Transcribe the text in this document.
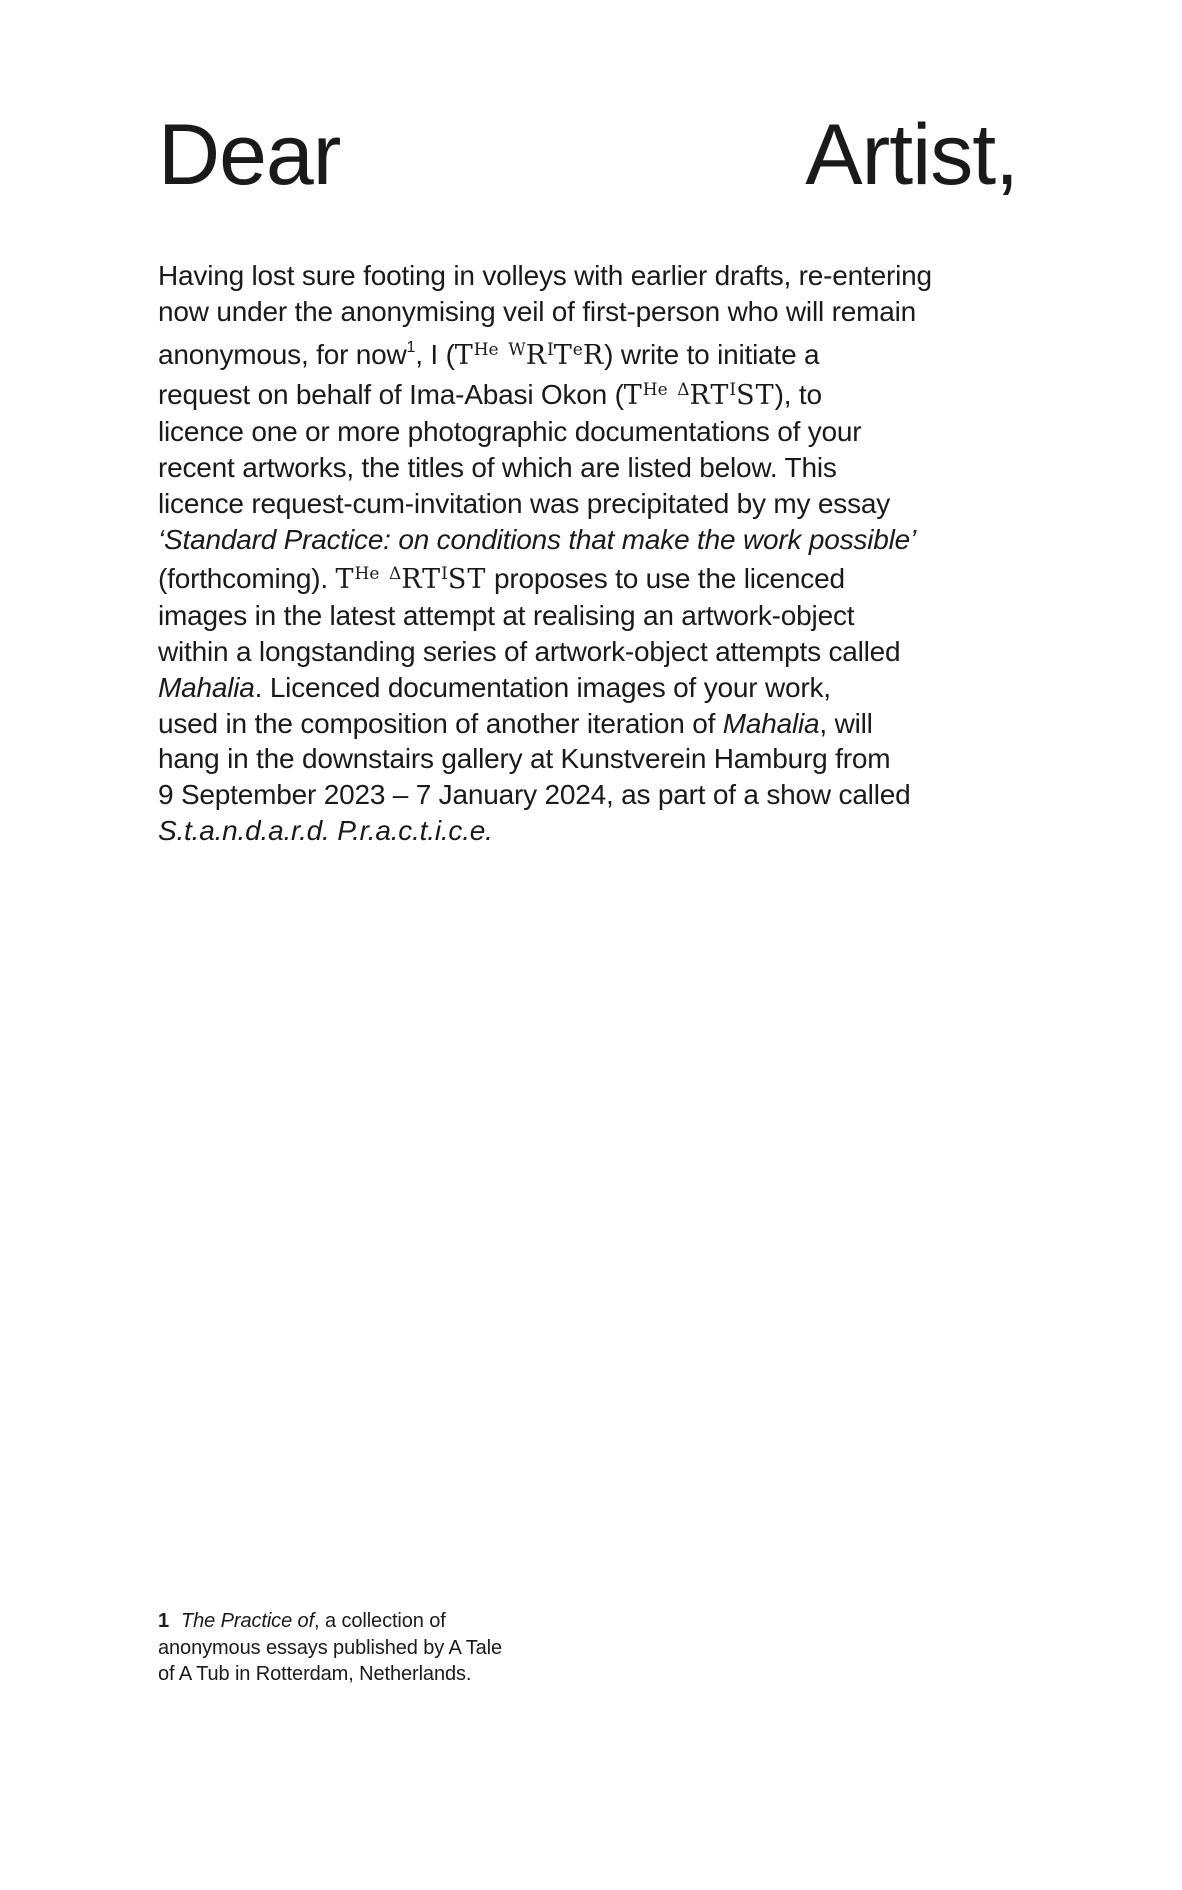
Dear	Artist,

Having lost sure footing in volleys with earlier drafts, re-entering

now under the anonymising veil of first-person who will remain

anonymous, for now$^1$, I ($T^{He}$ $^WR^IT^eR$) write to initiate a

request on behalf of Ima-Abasi Okon ($T^{He}$ $^\Delta RT^IST$), to

licence one or more photographic documentations of your

recent artworks, the titles of which are listed below. This

licence request-cum-invitation was precipitated by my essay

‘Standard Practice: on conditions that make the work possible’

(forthcoming). $T^{He}$ $^\Delta RT^IST$ proposes to use the licenced

images in the latest attempt at realising an artwork-object

within a longstanding series of artwork-object attempts called

Mahalia. Licenced documentation images of your work,

used in the composition of another iteration of Mahalia, will

hang in the downstairs gallery at Kunstverein Hamburg from

9 September 2023 – 7 January 2024, as part of a show called

S.t.a.n.d.a.r.d. P.r.a.c.t.i.c.e.

1 The Practice of, a collection of

anonymous essays published by A Tale

of A Tub in Rotterdam, Netherlands.
